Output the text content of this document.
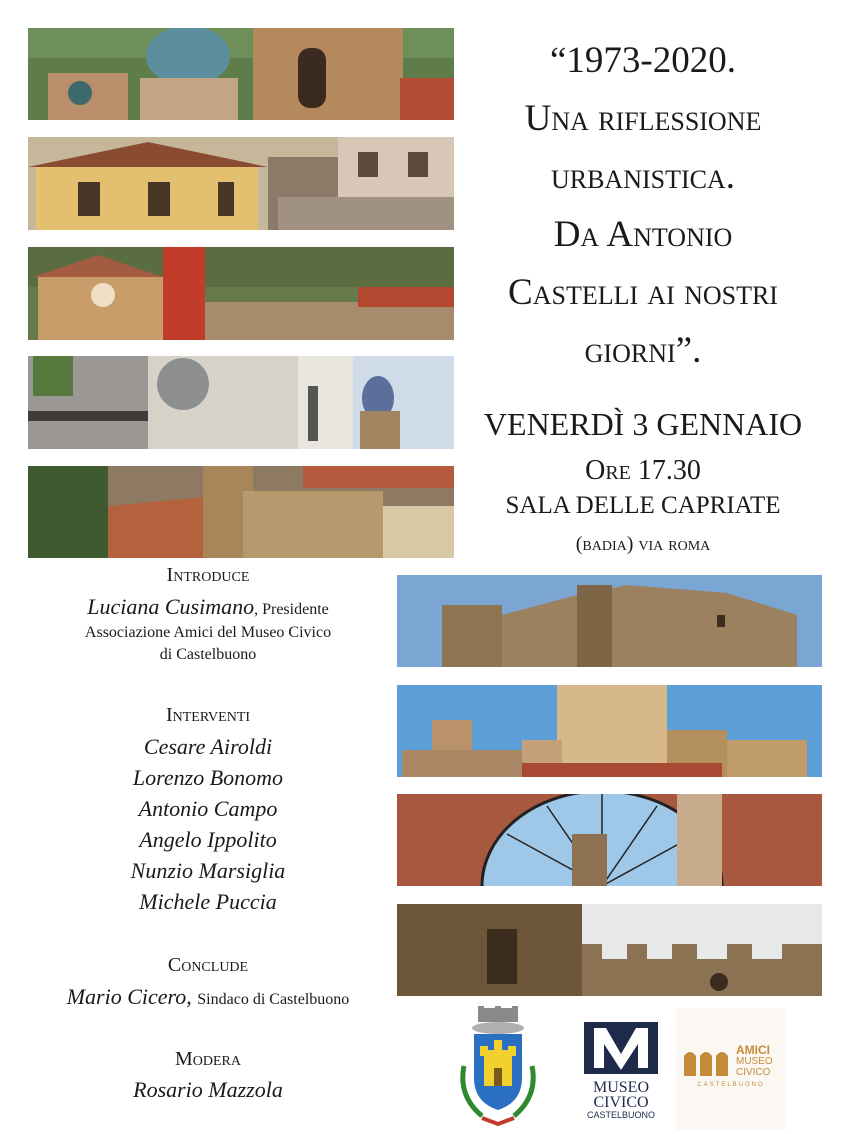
“1973-2020.
Una riflessione
urbanistica.
Da Antonio
Castelli ai nostri
giorni”.
VENERDÌ 3 GENNAIO
Ore 17.30
SALA DELLE CAPRIATE
(badia) via roma
Introduce
Luciana Cusimano, Presidente
Associazione Amici del Museo Civico
di Castelbuono
Interventi
Cesare Airoldi
Lorenzo Bonomo
Antonio Campo
Angelo Ippolito
Nunzio Marsiglia
Michele Puccia
Conclude
Mario Cicero, Sindaco di Castelbuono
Modera
Rosario Mazzola	MUSEO
CIVICO
CASTELBUONO
AMICI
MUSEO
CIVICO
CASTELBUONO
